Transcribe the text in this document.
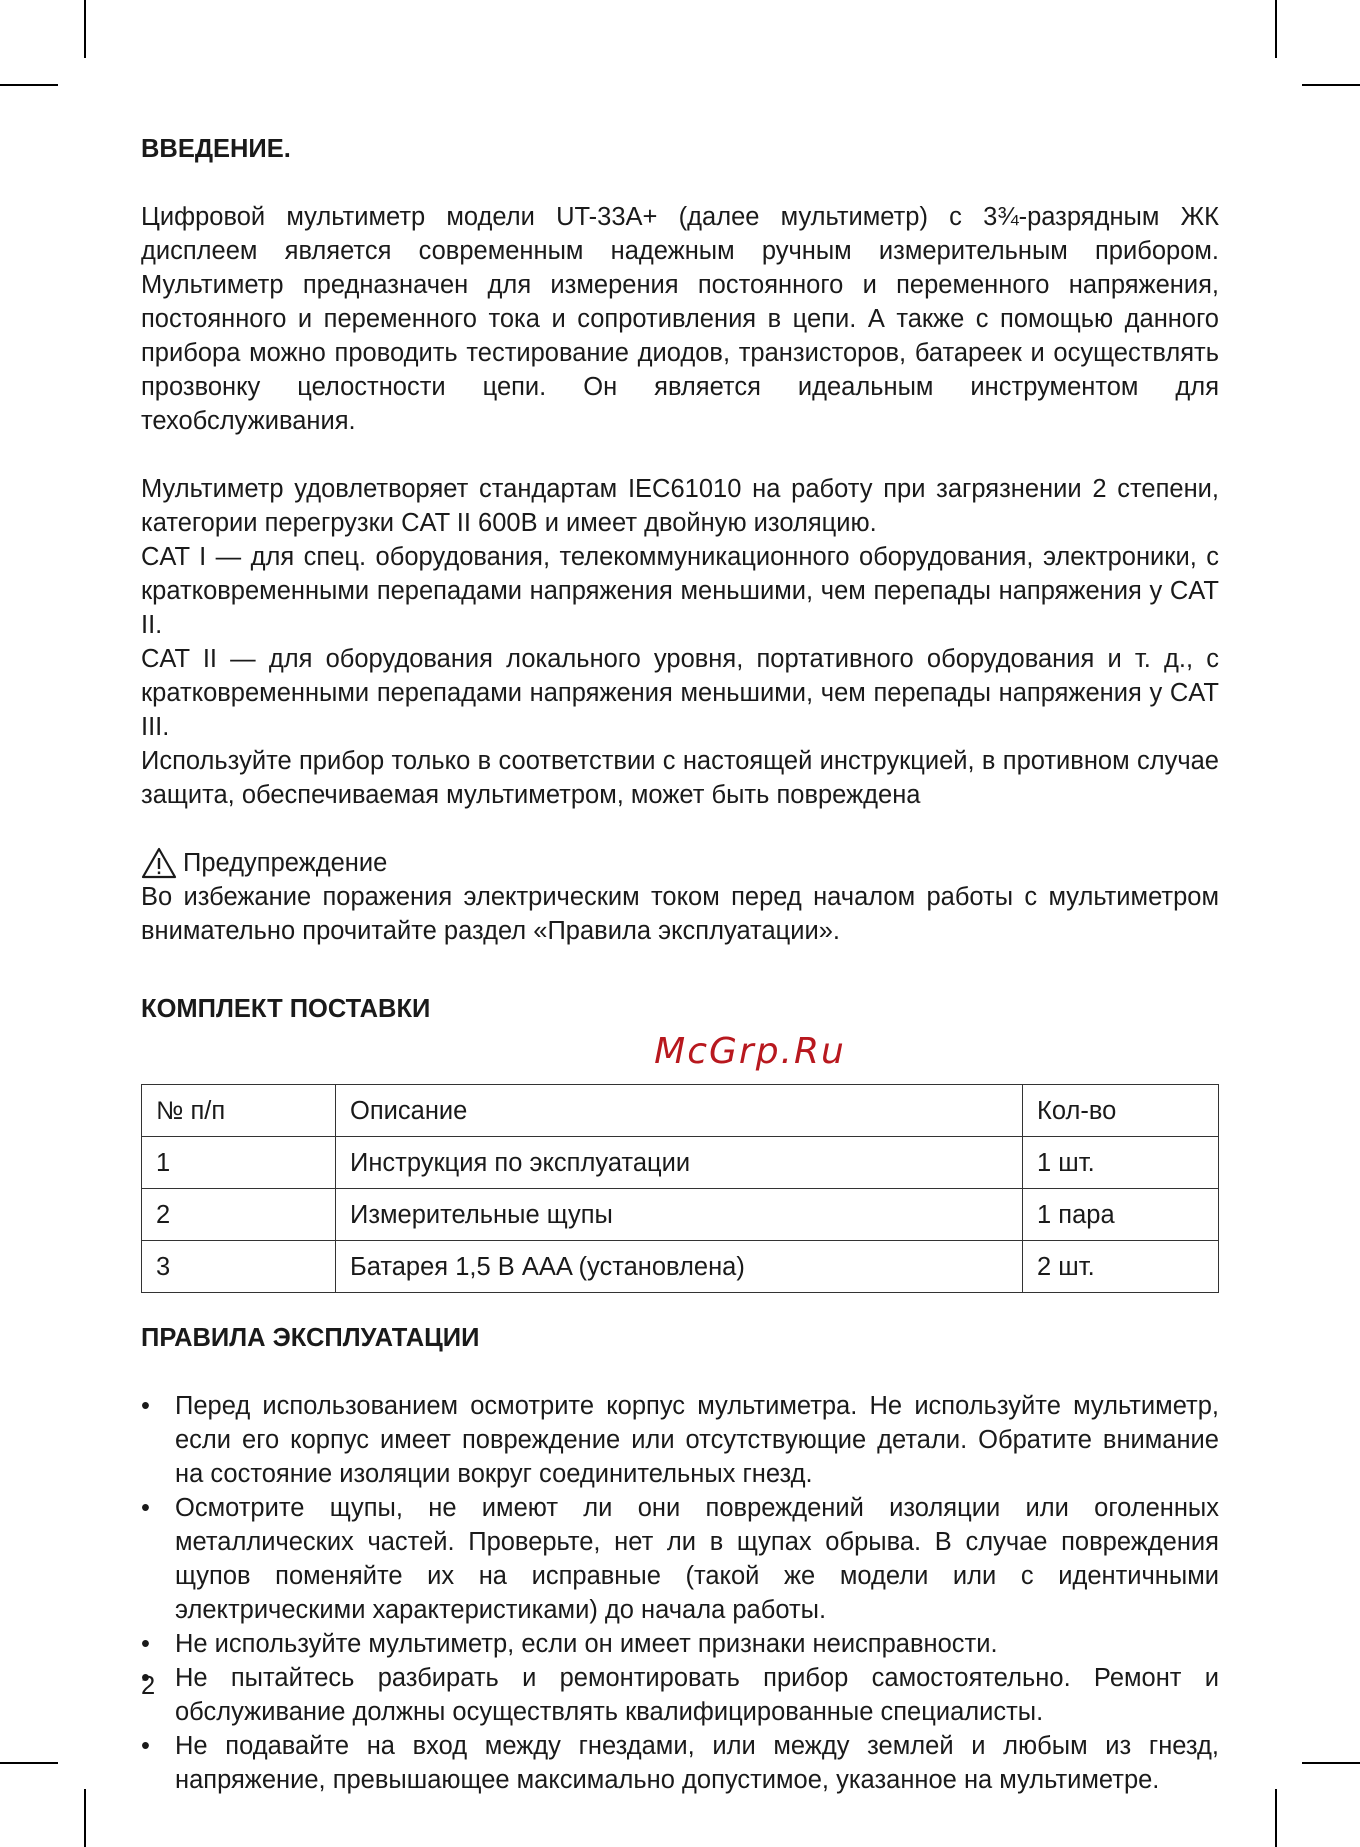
ВВЕДЕНИЕ.

Цифровой мультиметр модели UT-33A+ (далее мультиметр) с 3¾-разрядным ЖК дисплеем является современным надежным ручным измерительным прибором. Мультиметр предназначен для измерения постоянного и переменного напряжения, постоянного и переменного тока и сопротивления в цепи. А также с помощью данного прибора можно проводить тестирование диодов, транзисторов, батареек и осуществлять прозвонку целостности цепи. Он является идеальным инструментом для техобслуживания.

Мультиметр удовлетворяет стандартам IEC61010 на работу при загрязнении 2 степени, категории перегрузки CAT II 600В и имеет двойную изоляцию.

CAT I — для спец. оборудования, телекоммуникационного оборудования, электроники, с кратковременными перепадами напряжения меньшими, чем перепады напряжения у CAT II.

CAT II — для оборудования локального уровня, портативного оборудования и т. д., с кратковременными перепадами напряжения меньшими, чем перепады напряжения у CAT III.

Используйте прибор только в соответствии с настоящей инструкцией, в противном случае защита, обеспечиваемая мультиметром, может быть повреждена

Предупреждение

Во избежание поражения электрическим током перед началом работы с мультиметром внимательно прочитайте раздел «Правила эксплуатации».

КОМПЛЕКТ ПОСТАВКИ
McGrp.Ru
№ п/п	Описание	Кол-во
1	Инструкция по эксплуатации	1 шт.
2	Измерительные щупы	1 пара
3	Батарея 1,5 В AAA (установлена)	2 шт.
ПРАВИЛА ЭКСПЛУАТАЦИИ
• Перед использованием осмотрите корпус мультиметра. Не используйте мультиметр, если его корпус имеет повреждение или отсутствующие детали. Обратите внимание на состояние изоляции вокруг соединительных гнезд.
• Осмотрите щупы, не имеют ли они повреждений изоляции или оголенных металлических частей. Проверьте, нет ли в щупах обрыва. В случае повреждения щупов поменяйте их на исправные (такой же модели или с идентичными электрическими характеристиками) до начала работы.
• Не используйте мультиметр, если он имеет признаки неисправности.
• Не пытайтесь разбирать и ремонтировать прибор самостоятельно. Ремонт и обслуживание должны осуществлять квалифицированные специалисты.
• Не подавайте на вход между гнездами, или между землей и любым из гнезд, напряжение, превышающее максимально допустимое, указанное на мультиметре.
2
